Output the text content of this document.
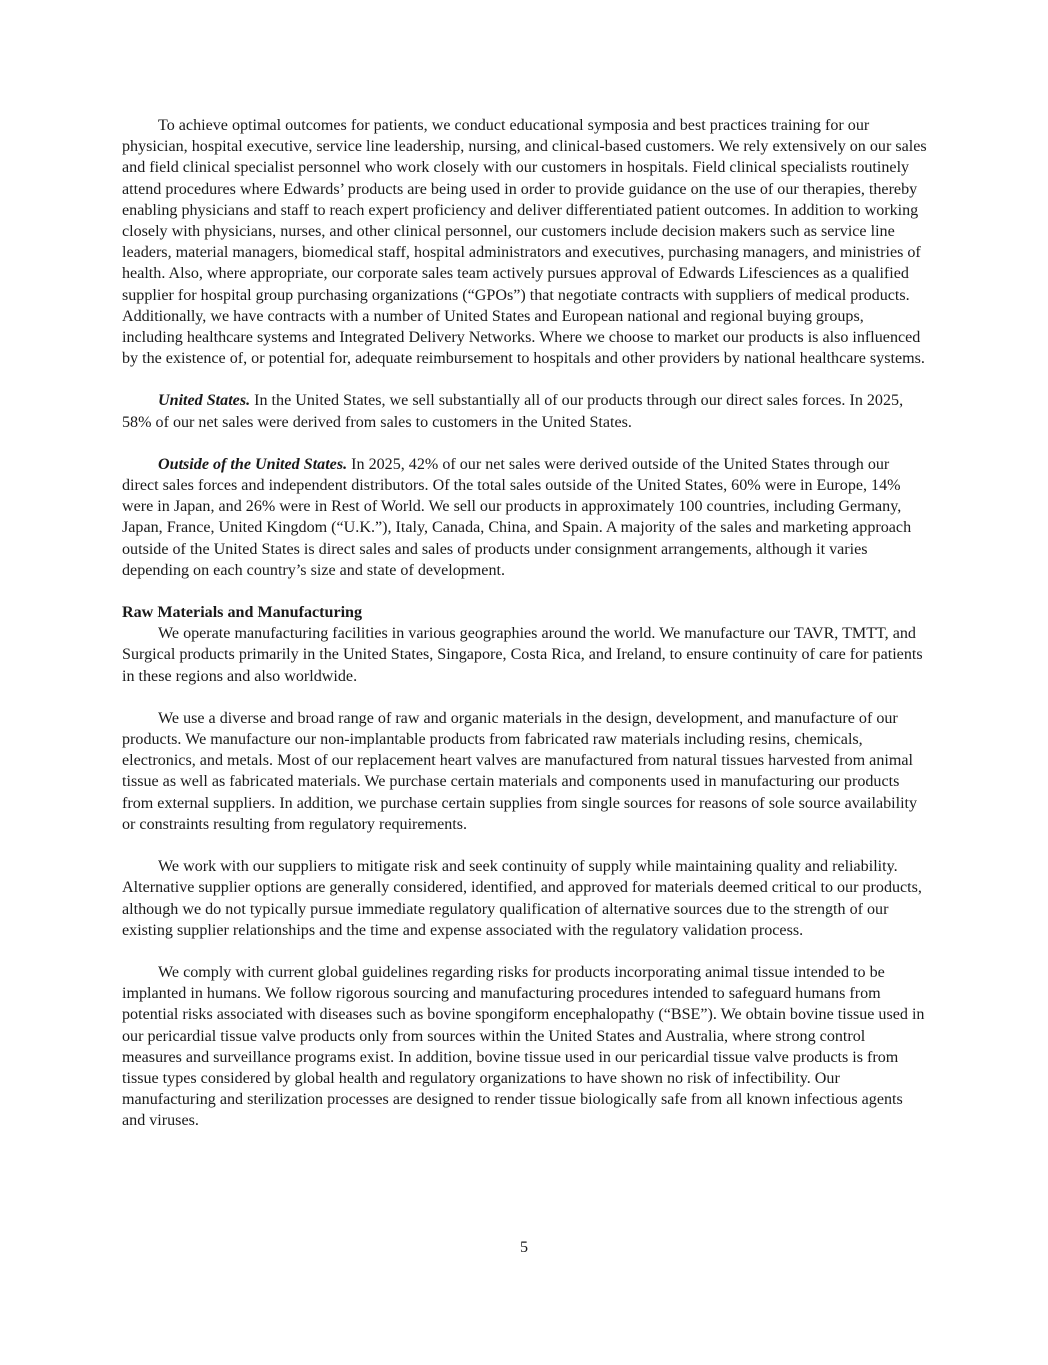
To achieve optimal outcomes for patients, we conduct educational symposia and best practices training for our physician, hospital executive, service line leadership, nursing, and clinical-based customers. We rely extensively on our sales and field clinical specialist personnel who work closely with our customers in hospitals. Field clinical specialists routinely attend procedures where Edwards’ products are being used in order to provide guidance on the use of our therapies, thereby enabling physicians and staff to reach expert proficiency and deliver differentiated patient outcomes. In addition to working closely with physicians, nurses, and other clinical personnel, our customers include decision makers such as service line leaders, material managers, biomedical staff, hospital administrators and executives, purchasing managers, and ministries of health. Also, where appropriate, our corporate sales team actively pursues approval of Edwards Lifesciences as a qualified supplier for hospital group purchasing organizations (“GPOs”) that negotiate contracts with suppliers of medical products. Additionally, we have contracts with a number of United States and European national and regional buying groups, including healthcare systems and Integrated Delivery Networks. Where we choose to market our products is also influenced by the existence of, or potential for, adequate reimbursement to hospitals and other providers by national healthcare systems.

United States. In the United States, we sell substantially all of our products through our direct sales forces. In 2025, 58% of our net sales were derived from sales to customers in the United States.

Outside of the United States. In 2025, 42% of our net sales were derived outside of the United States through our direct sales forces and independent distributors. Of the total sales outside of the United States, 60% were in Europe, 14% were in Japan, and 26% were in Rest of World. We sell our products in approximately 100 countries, including Germany, Japan, France, United Kingdom (“U.K.”), Italy, Canada, China, and Spain. A majority of the sales and marketing approach outside of the United States is direct sales and sales of products under consignment arrangements, although it varies depending on each country’s size and state of development.

Raw Materials and Manufacturing

We operate manufacturing facilities in various geographies around the world. We manufacture our TAVR, TMTT, and Surgical products primarily in the United States, Singapore, Costa Rica, and Ireland, to ensure continuity of care for patients in these regions and also worldwide.

We use a diverse and broad range of raw and organic materials in the design, development, and manufacture of our products. We manufacture our non-implantable products from fabricated raw materials including resins, chemicals, electronics, and metals. Most of our replacement heart valves are manufactured from natural tissues harvested from animal tissue as well as fabricated materials. We purchase certain materials and components used in manufacturing our products from external suppliers. In addition, we purchase certain supplies from single sources for reasons of sole source availability or constraints resulting from regulatory requirements.

We work with our suppliers to mitigate risk and seek continuity of supply while maintaining quality and reliability. Alternative supplier options are generally considered, identified, and approved for materials deemed critical to our products, although we do not typically pursue immediate regulatory qualification of alternative sources due to the strength of our existing supplier relationships and the time and expense associated with the regulatory validation process.

We comply with current global guidelines regarding risks for products incorporating animal tissue intended to be implanted in humans. We follow rigorous sourcing and manufacturing procedures intended to safeguard humans from potential risks associated with diseases such as bovine spongiform encephalopathy (“BSE”). We obtain bovine tissue used in our pericardial tissue valve products only from sources within the United States and Australia, where strong control measures and surveillance programs exist. In addition, bovine tissue used in our pericardial tissue valve products is from tissue types considered by global health and regulatory organizations to have shown no risk of infectibility. Our manufacturing and sterilization processes are designed to render tissue biologically safe from all known infectious agents and viruses.

5
